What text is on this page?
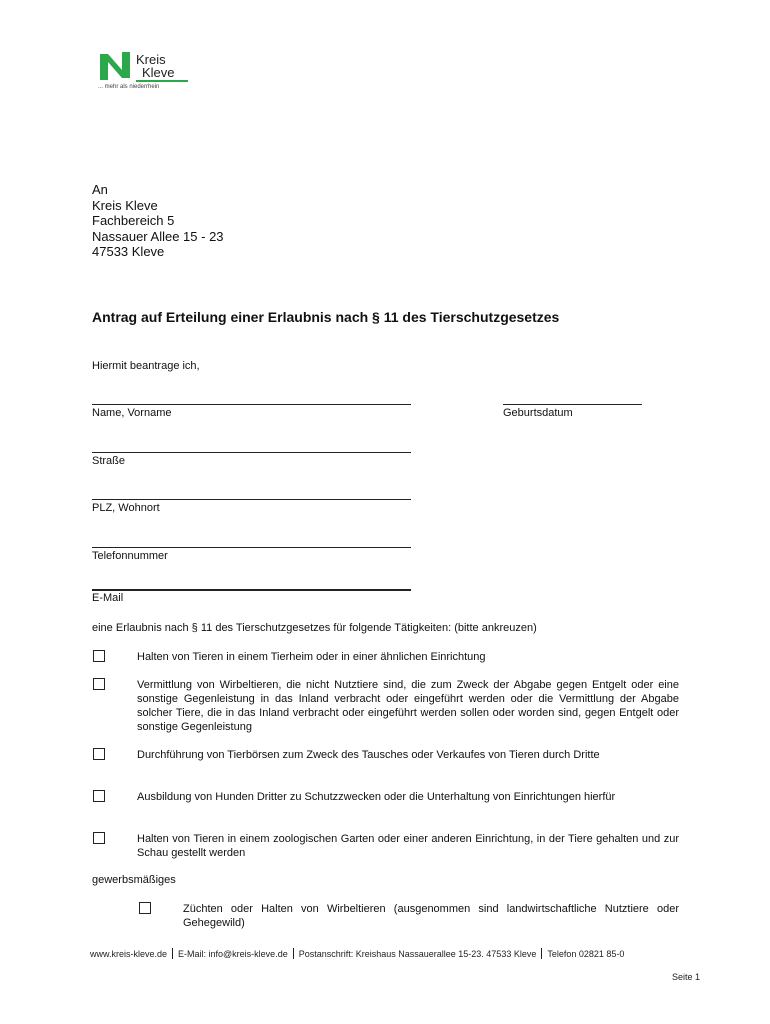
Kreis
Kleve
... mehr als niederrhein
An
Kreis Kleve
Fachbereich 5
Nassauer Allee 15 - 23
47533 Kleve
Antrag auf Erteilung einer Erlaubnis nach § 11 des Tierschutzgesetzes
Hiermit beantrage ich,
Name, Vorname	Geburtsdatum
Straße
PLZ, Wohnort
Telefonnummer
E-Mail
eine Erlaubnis nach § 11 des Tierschutzgesetzes für folgende Tätigkeiten: (bitte ankreuzen)
Halten von Tieren in einem Tierheim oder in einer ähnlichen Einrichtung
Vermittlung von Wirbeltieren, die nicht Nutztiere sind, die zum Zweck der Abgabe gegen Entgelt oder eine sonstige Gegenleistung in das Inland verbracht oder eingeführt werden oder die Vermittlung der Abgabe solcher Tiere, die in das Inland verbracht oder eingeführt werden sollen oder worden sind, gegen Entgelt oder sonstige Gegenleistung
Durchführung von Tierbörsen zum Zweck des Tausches oder Verkaufes von Tieren durch Dritte
Ausbildung von Hunden Dritter zu Schutzzwecken oder die Unterhaltung von Einrichtungen hierfür
Halten von Tieren in einem zoologischen Garten oder einer anderen Einrichtung, in der Tiere gehalten und zur Schau gestellt werden
gewerbsmäßiges
Züchten oder Halten von Wirbeltieren (ausgenommen sind landwirtschaftliche Nutztiere oder Gehegewild)
www.kreis-kleve.de E-Mail: info@kreis-kleve.de Postanschrift: Kreishaus Nassauerallee 15-23. 47533 Kleve Telefon 02821 85-0
Seite 1
